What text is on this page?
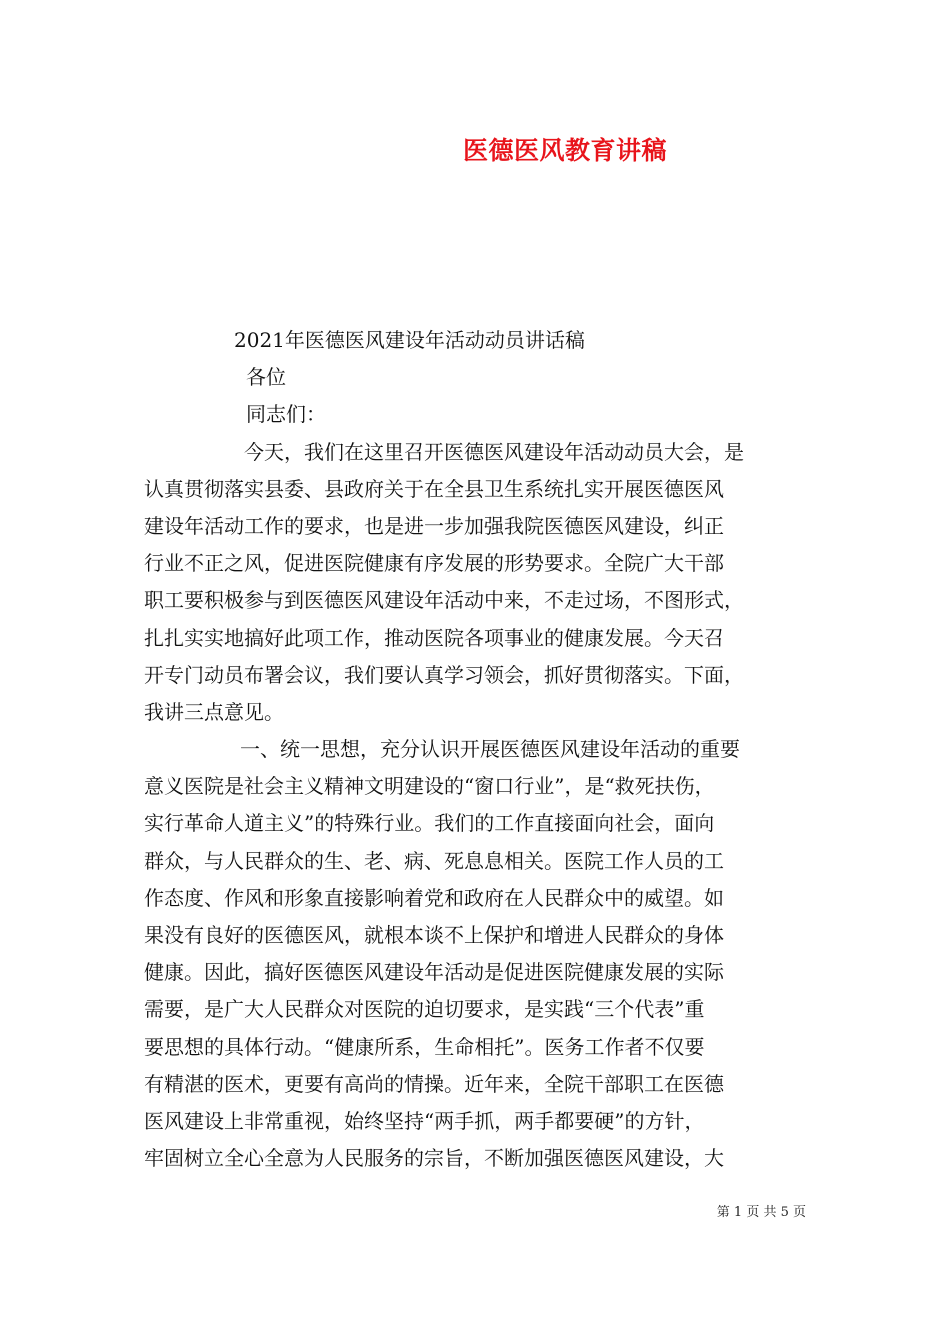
医德医风教育讲稿
2021年医德医风建设年活动动员讲话稿
各位
同志们：
今天，我们在这里召开医德医风建设年活动动员大会，是
认真贯彻落实县委、县政府关于在全县卫生系统扎实开展医德医风
建设年活动工作的要求，也是进一步加强我院医德医风建设，纠正
行业不正之风，促进医院健康有序发展的形势要求。全院广大干部
职工要积极参与到医德医风建设年活动中来，不走过场，不图形式，
扎扎实实地搞好此项工作，推动医院各项事业的健康发展。今天召
开专门动员布署会议，我们要认真学习领会，抓好贯彻落实。下面，
我讲三点意见。
一、统一思想，充分认识开展医德医风建设年活动的重要
意义医院是社会主义精神文明建设的“窗口行业”，是“救死扶伤，
实行革命人道主义”的特殊行业。我们的工作直接面向社会，面向
群众，与人民群众的生、老、病、死息息相关。医院工作人员的工
作态度、作风和形象直接影响着党和政府在人民群众中的威望。如
果没有良好的医德医风，就根本谈不上保护和增进人民群众的身体
健康。因此，搞好医德医风建设年活动是促进医院健康发展的实际
需要，是广大人民群众对医院的迫切要求，是实践“三个代表”重
要思想的具体行动。“健康所系，生命相托”。医务工作者不仅要
有精湛的医术，更要有高尚的情操。近年来，全院干部职工在医德
医风建设上非常重视，始终坚持“两手抓，两手都要硬”的方针，
牢固树立全心全意为人民服务的宗旨，不断加强医德医风建设，大
第 1 页 共 5 页
